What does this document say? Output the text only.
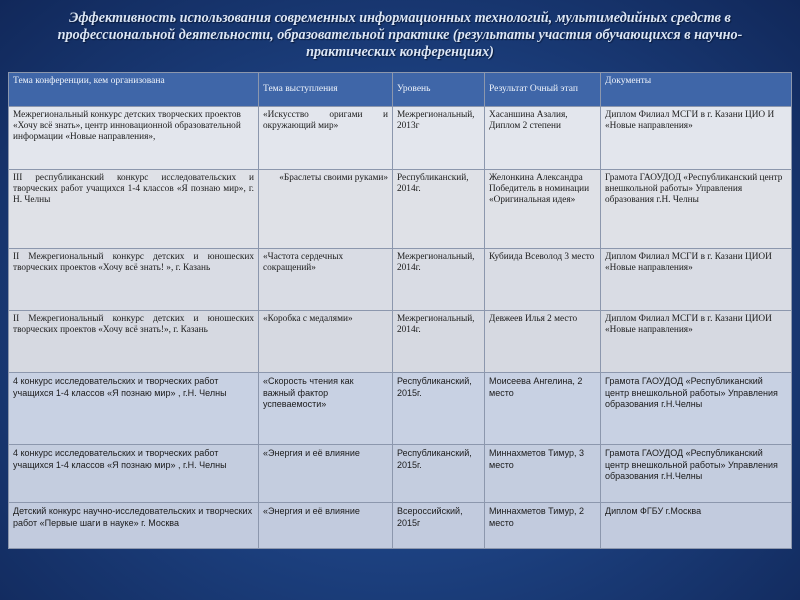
Эффективность использования современных информационных технологий, мультимедийных средств в профессиональной деятельности, образовательной практике (результаты участия обучающихся в научно-практических конференциях)
Тема конференции, кем организована	Тема выступления	Уровень	Результат Очный этап	Документы
Межрегиональный конкурс детских творческих проектов «Хочу всё знать», центр инновационной образовательной информации «Новые направления»,	«Искусство оригами и окружающий мир»	Межрегиональный, 2013г	Хасаншина Азалия, Диплом 2 степени	Диплом Филиал МСГИ в г. Казани ЦИО И «Новые направления»
III республиканский конкурс исследовательских и творческих работ учащихся 1-4 классов «Я познаю мир», г. Н. Челны	«Браслеты своими руками»	Республиканский, 2014г.	Желонкина Александра Победитель в номинации «Оригинальная идея»	Грамота ГАОУДОД «Республиканский центр внешкольной работы» Управления образования г.Н. Челны
II Межрегиональный конкурс детских и юношеских творческих проектов «Хочу всё знать! », г. Казань	«Частота сердечных сокращений»	Межрегиональный, 2014г.	Кубиида Всеволод 3 место	Диплом Филиал МСГИ в г. Казани ЦИОИ «Новые направления»
II Межрегиональный конкурс детских и юношеских творческих проектов «Хочу всё знать!», г. Казань	«Коробка с медалями»	Межрегиональный, 2014г.	Девжеев Илья 2 место	Диплом Филиал МСГИ в г. Казани ЦИОИ «Новые направления»
4 конкурс исследовательских и творческих работ учащихся 1-4 классов «Я познаю мир» , г.Н. Челны	«Скорость чтения как важный фактор успеваемости»	Республиканский, 2015г.	Моисеева Ангелина, 2 место	Грамота ГАОУДОД «Республиканский центр внешкольной работы» Управления образования г.Н.Челны
4 конкурс исследовательских и творческих работ учащихся 1-4 классов «Я познаю мир» , г.Н. Челны	«Энергия и её влияние	Республиканский, 2015г.	Миннахметов Тимур, 3 место	Грамота ГАОУДОД «Республиканский центр внешкольной работы» Управления образования г.Н.Челны
Детский конкурс научно-исследовательских и творческих работ «Первые шаги в науке» г. Москва	«Энергия и её влияние	Всероссийский, 2015г	Миннахметов Тимур, 2 место	Диплом ФГБУ г.Москва
